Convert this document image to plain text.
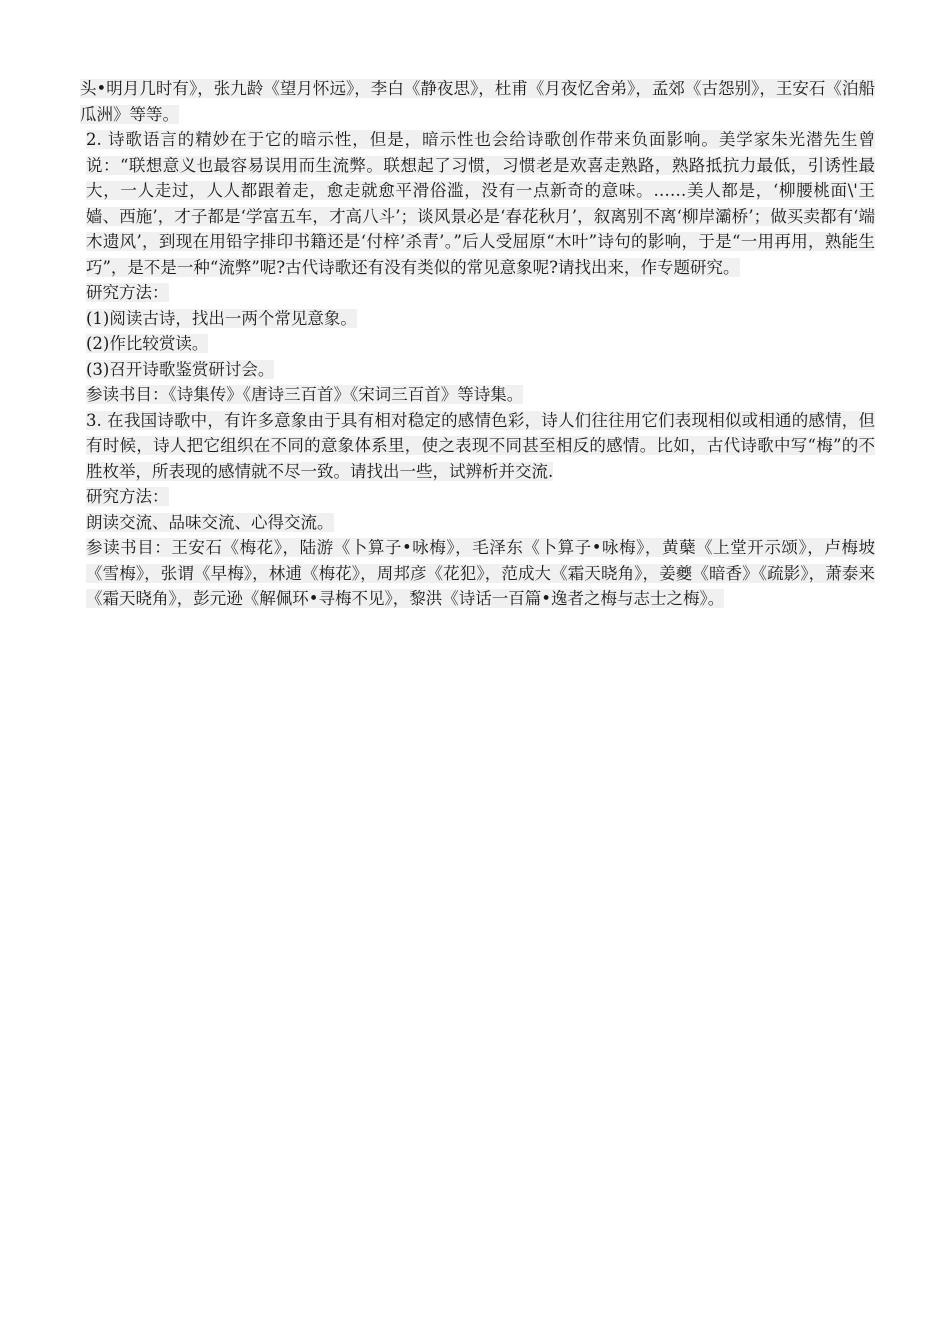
头•明月几时有》，张九龄《望月怀远》，李白《静夜思》，杜甫《月夜忆舍弟》，孟郊《古怨别》，王安石《泊船瓜洲》等等。

2. 诗歌语言的精妙在于它的暗示性，但是，暗示性也会给诗歌创作带来负面影响。美学家朱光潜先生曾说：“联想意义也最容易误用而生流弊。联想起了习惯，习惯老是欢喜走熟路，熟路抵抗力最低，引诱性最大，一人走过，人人都跟着走，愈走就愈平滑俗滥，没有一点新奇的意味。……美人都是，‘柳腰桃面\'王嫱、西施’，才子都是‘学富五车，才高八斗’；谈风景必是‘春花秋月’，叙离别不离‘柳岸灞桥’；做买卖都有‘端木遗风’，到现在用铅字排印书籍还是‘付梓’杀青’。”后人受屈原“木叶”诗句的影响，于是“一用再用，熟能生巧”，是不是一种“流弊”呢?古代诗歌还有没有类似的常见意象呢?请找出来，作专题研究。

研究方法：

(1)阅读古诗，找出一两个常见意象。

(2)作比较赏读。

(3)召开诗歌鉴赏研讨会。

参读书目：《诗集传》《唐诗三百首》《宋词三百首》等诗集。

3. 在我国诗歌中，有许多意象由于具有相对稳定的感情色彩，诗人们往往用它们表现相似或相通的感情，但有时候，诗人把它组织在不同的意象体系里，使之表现不同甚至相反的感情。比如，古代诗歌中写“梅”的不胜枚举，所表现的感情就不尽一致。请找出一些，试辨析并交流.

研究方法：

朗读交流、品味交流、心得交流。

参读书目：王安石《梅花》，陆游《卜算子•咏梅》，毛泽东《卜算子•咏梅》，黄蘖《上堂开示颂》，卢梅坡《雪梅》，张谓《早梅》，林逋《梅花》，周邦彦《花犯》，范成大《霜天晓角》，姜夔《暗香》《疏影》，萧泰来《霜天晓角》，彭元逊《解佩环•寻梅不见》，黎洪《诗话一百篇•逸者之梅与志士之梅》。
